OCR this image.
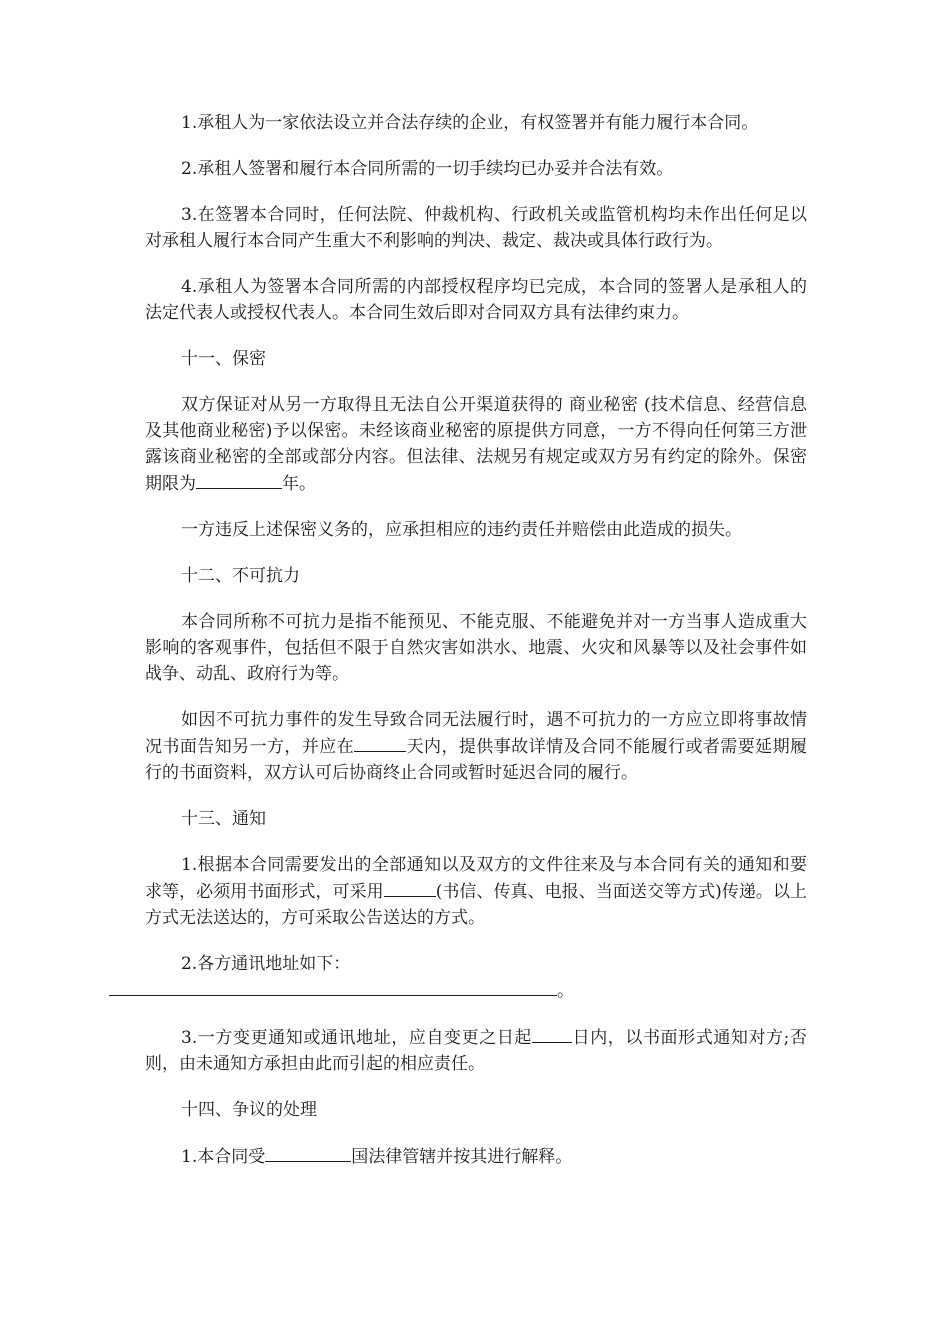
1.承租人为一家依法设立并合法存续的企业，有权签署并有能力履行本合同。

2.承租人签署和履行本合同所需的一切手续均已办妥并合法有效。

3.在签署本合同时，任何法院、仲裁机构、行政机关或监管机构均未作出任何足以对承租人履行本合同产生重大不利影响的判决、裁定、裁决或具体行政行为。

4.承租人为签署本合同所需的内部授权程序均已完成，本合同的签署人是承租人的法定代表人或授权代表人。本合同生效后即对合同双方具有法律约束力。

十一、保密

双方保证对从另一方取得且无法自公开渠道获得的 商业秘密 (技术信息、经营信息及其他商业秘密)予以保密。未经该商业秘密的原提供方同意，一方不得向任何第三方泄露该商业秘密的全部或部分内容。但法律、法规另有规定或双方另有约定的除外。保密期限为	年。

一方违反上述保密义务的，应承担相应的违约责任并赔偿由此造成的损失。

十二、不可抗力

本合同所称不可抗力是指不能预见、不能克服、不能避免并对一方当事人造成重大影响的客观事件，包括但不限于自然灾害如洪水、地震、火灾和风暴等以及社会事件如战争、动乱、政府行为等。

如因不可抗力事件的发生导致合同无法履行时，遇不可抗力的一方应立即将事故情况书面告知另一方，并应在	天内，提供事故详情及合同不能履行或者需要延期履行的书面资料，双方认可后协商终止合同或暂时延迟合同的履行。

十三、通知

1.根据本合同需要发出的全部通知以及双方的文件往来及与本合同有关的通知和要求等，必须用书面形式，可采用	(书信、传真、电报、当面送交等方式)传递。以上方式无法送达的，方可采取公告送达的方式。

2.各方通讯地址如下：
。

3.一方变更通知或通讯地址，应自变更之日起 日内，以书面形式通知对方;否则，由未通知方承担由此而引起的相应责任。

十四、争议的处理

1.本合同受	国法律管辖并按其进行解释。
